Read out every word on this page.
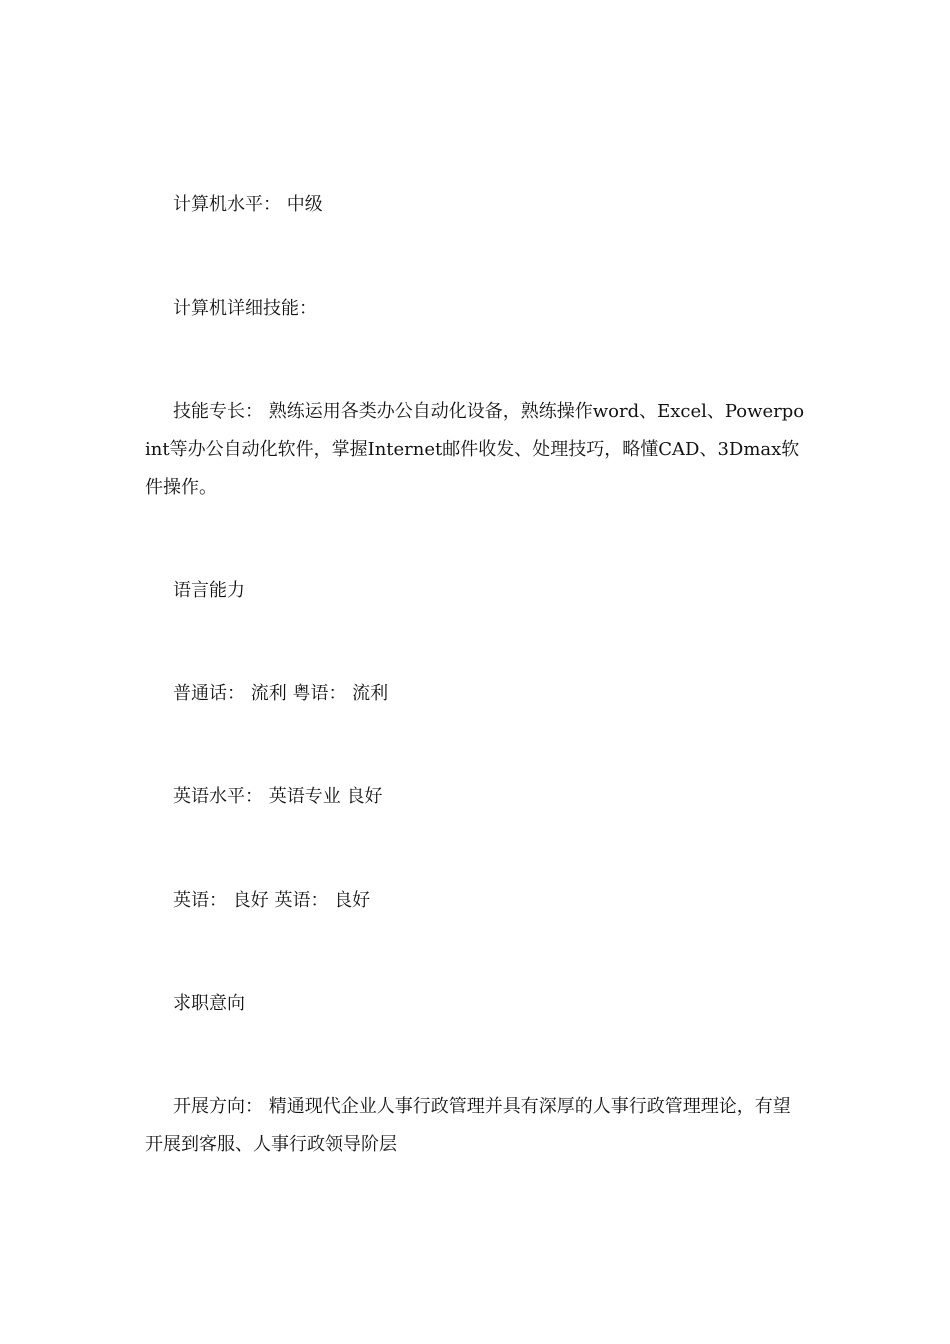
计算机水平： 中级

计算机详细技能：

技能专长： 熟练运用各类办公自动化设备，熟练操作word、Excel、Powerpoint等办公自动化软件，掌握Internet邮件收发、处理技巧，略懂CAD、3Dmax软件操作。

语言能力

普通话： 流利 粤语： 流利

英语水平： 英语专业 良好

英语： 良好 英语： 良好

求职意向

开展方向： 精通现代企业人事行政管理并具有深厚的人事行政管理理论，有望开展到客服、人事行政领导阶层
